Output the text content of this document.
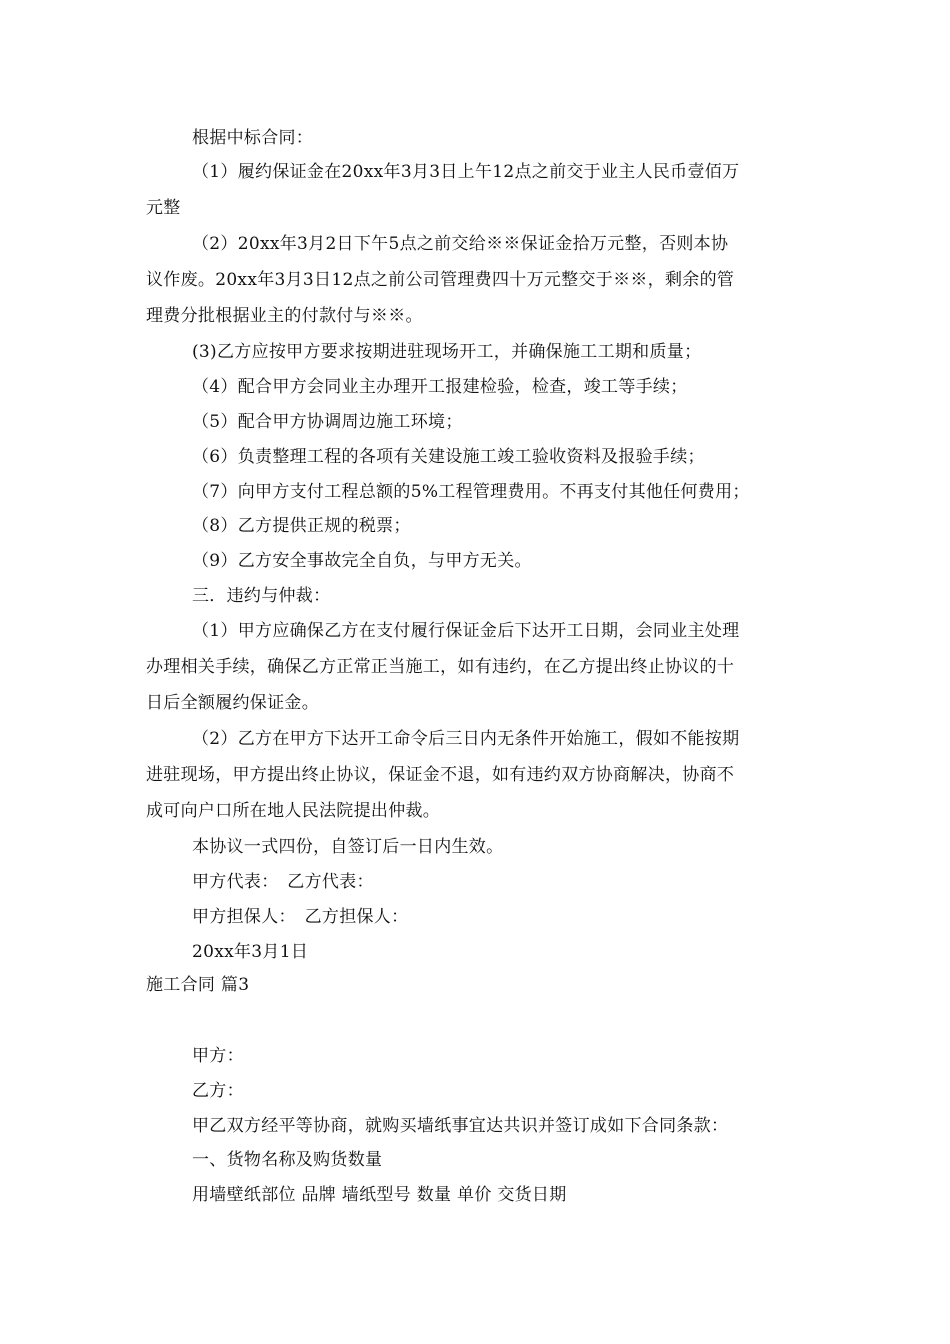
根据中标合同：
（1）履约保证金在20xx年3月3日上午12点之前交于业主人民币壹佰万
元整
（2）20xx年3月2日下午5点之前交给※※保证金拾万元整，否则本协
议作废。20xx年3月3日12点之前公司管理费四十万元整交于※※，剩余的管
理费分批根据业主的付款付与※※。
(3)乙方应按甲方要求按期进驻现场开工，并确保施工工期和质量；
（4）配合甲方会同业主办理开工报建检验，检查，竣工等手续；
（5）配合甲方协调周边施工环境；
（6）负责整理工程的各项有关建设施工竣工验收资料及报验手续；
（7）向甲方支付工程总额的5%工程管理费用。不再支付其他任何费用；
（8）乙方提供正规的税票；
（9）乙方安全事故完全自负，与甲方无关。
三．违约与仲裁：
（1）甲方应确保乙方在支付履行保证金后下达开工日期，会同业主处理
办理相关手续，确保乙方正常正当施工，如有违约，在乙方提出终止协议的十
日后全额履约保证金。
（2）乙方在甲方下达开工命令后三日内无条件开始施工，假如不能按期
进驻现场，甲方提出终止协议，保证金不退，如有违约双方协商解决，协商不
成可向户口所在地人民法院提出仲裁。
本协议一式四份，自签订后一日内生效。
甲方代表：　乙方代表：
甲方担保人：　乙方担保人：
20xx年3月1日
施工合同 篇3
甲方：
乙方：
甲乙双方经平等协商，就购买墙纸事宜达共识并签订成如下合同条款：
一、货物名称及购货数量
用墙壁纸部位 品牌 墙纸型号 数量 单价 交货日期
